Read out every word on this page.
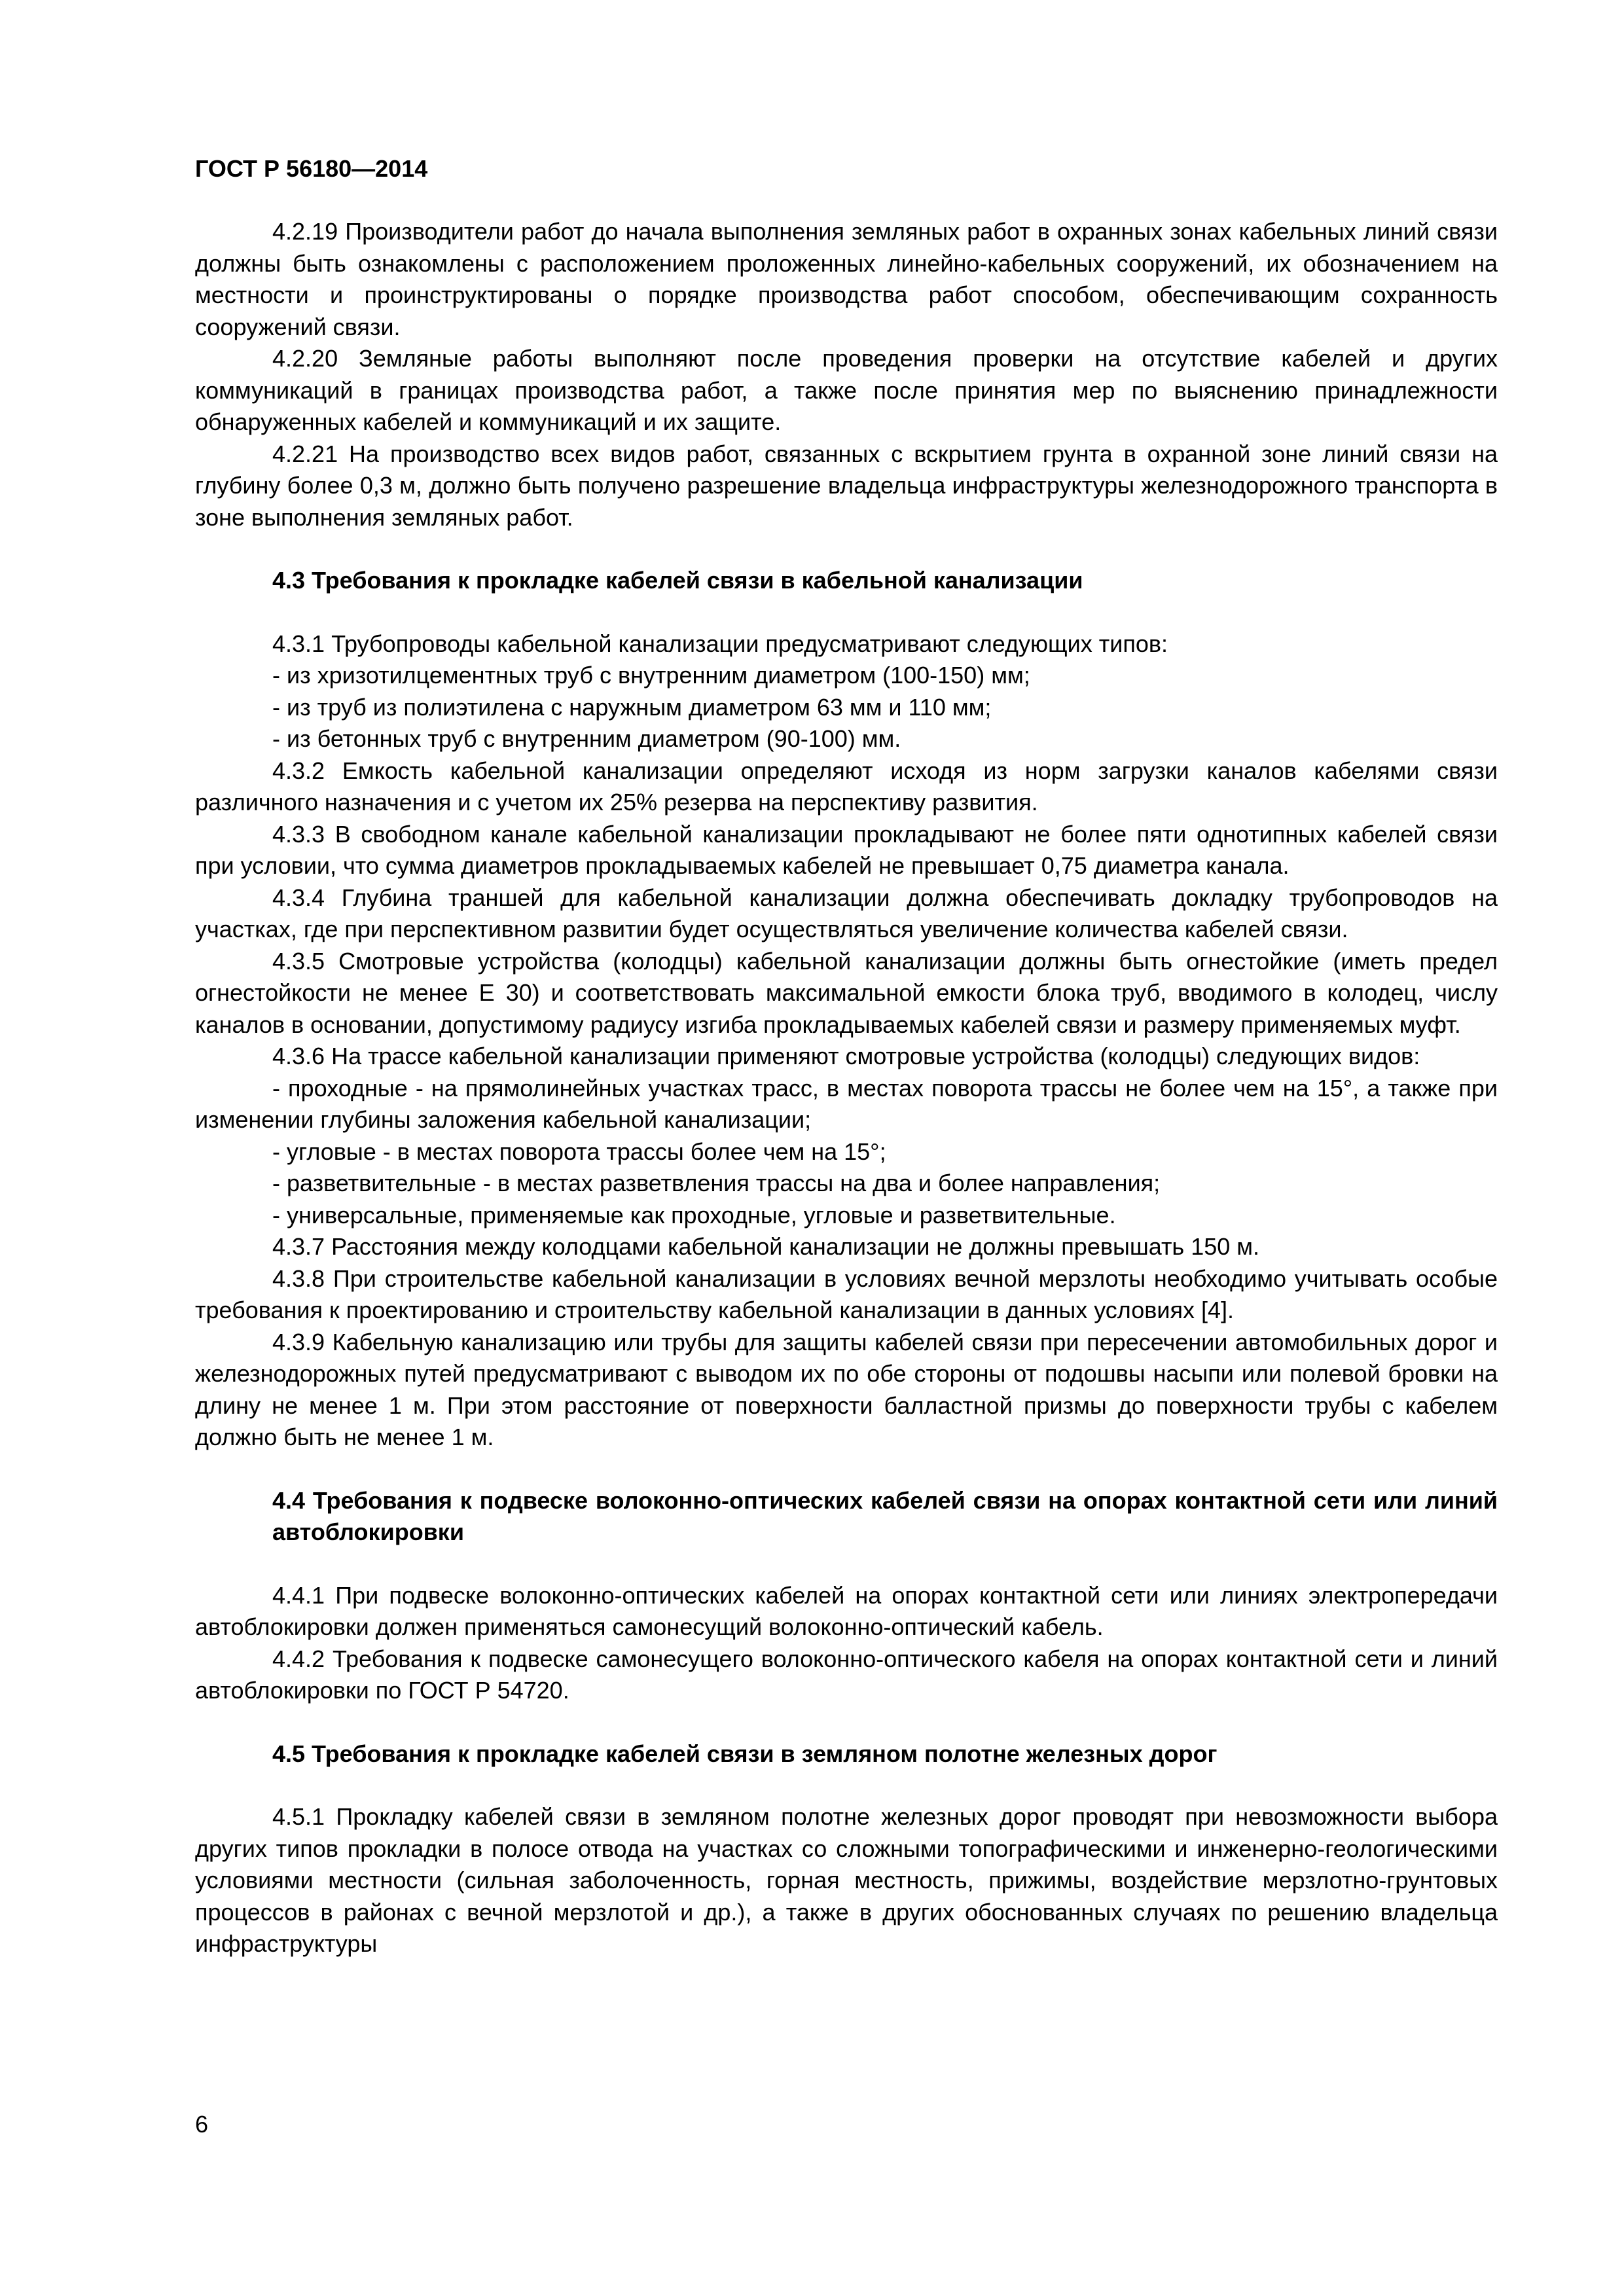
ГОСТ Р 56180—2014

4.2.19 Производители работ до начала выполнения земляных работ в охранных зонах кабельных линий связи должны быть ознакомлены с расположением проложенных линейно-кабельных сооружений, их обозначением на местности и проинструктированы о порядке производства работ способом, обеспечивающим сохранность сооружений связи.

4.2.20 Земляные работы выполняют после проведения проверки на отсутствие кабелей и других коммуникаций в границах производства работ, а также после принятия мер по выяснению принадлежности обнаруженных кабелей и коммуникаций и их защите.

4.2.21 На производство всех видов работ, связанных с вскрытием грунта в охранной зоне линий связи на глубину более 0,3 м, должно быть получено разрешение владельца инфраструктуры железнодорожного транспорта в зоне выполнения земляных работ.

4.3 Требования к прокладке кабелей связи в кабельной канализации

4.3.1 Трубопроводы кабельной канализации предусматривают следующих типов:

- из хризотилцементных труб с внутренним диаметром (100-150) мм;

- из труб из полиэтилена с наружным диаметром 63 мм и 110 мм;

- из бетонных труб с внутренним диаметром (90-100) мм.

4.3.2 Емкость кабельной канализации определяют исходя из норм загрузки каналов кабелями связи различного назначения и с учетом их 25% резерва на перспективу развития.

4.3.3 В свободном канале кабельной канализации прокладывают не более пяти однотипных кабелей связи при условии, что сумма диаметров прокладываемых кабелей не превышает 0,75 диаметра канала.

4.3.4 Глубина траншей для кабельной канализации должна обеспечивать докладку трубопроводов на участках, где при перспективном развитии будет осуществляться увеличение количества кабелей связи.

4.3.5 Смотровые устройства (колодцы) кабельной канализации должны быть огнестойкие (иметь предел огнестойкости не менее Е 30) и соответствовать максимальной емкости блока труб, вводимого в колодец, числу каналов в основании, допустимому радиусу изгиба прокладываемых кабелей связи и размеру применяемых муфт.

4.3.6 На трассе кабельной канализации применяют смотровые устройства (колодцы) следующих видов:

- проходные - на прямолинейных участках трасс, в местах поворота трассы не более чем на 15°, а также при изменении глубины заложения кабельной канализации;

- угловые - в местах поворота трассы более чем на 15°;

- разветвительные - в местах разветвления трассы на два и более направления;

- универсальные, применяемые как проходные, угловые и разветвительные.

4.3.7 Расстояния между колодцами кабельной канализации не должны превышать 150 м.

4.3.8 При строительстве кабельной канализации в условиях вечной мерзлоты необходимо учитывать особые требования к проектированию и строительству кабельной канализации в данных условиях [4].

4.3.9 Кабельную канализацию или трубы для защиты кабелей связи при пересечении автомобильных дорог и железнодорожных путей предусматривают с выводом их по обе стороны от подошвы насыпи или полевой бровки на длину не менее 1 м. При этом расстояние от поверхности балластной призмы до поверхности трубы с кабелем должно быть не менее 1 м.

4.4 Требования к подвеске волоконно-оптических кабелей связи на опорах контактной сети или линий автоблокировки

4.4.1 При подвеске волоконно-оптических кабелей на опорах контактной сети или линиях электропередачи автоблокировки должен применяться самонесущий волоконно-оптический кабель.

4.4.2 Требования к подвеске самонесущего волоконно-оптического кабеля на опорах контактной сети и линий автоблокировки по ГОСТ Р 54720.

4.5 Требования к прокладке кабелей связи в земляном полотне железных дорог

4.5.1 Прокладку кабелей связи в земляном полотне железных дорог проводят при невозможности выбора других типов прокладки в полосе отвода на участках со сложными топографическими и инженерно-геологическими условиями местности (сильная заболоченность, горная местность, прижимы, воздействие мерзлотно-грунтовых процессов в районах с вечной мерзлотой и др.), а также в других обоснованных случаях по решению владельца инфраструктуры

6
